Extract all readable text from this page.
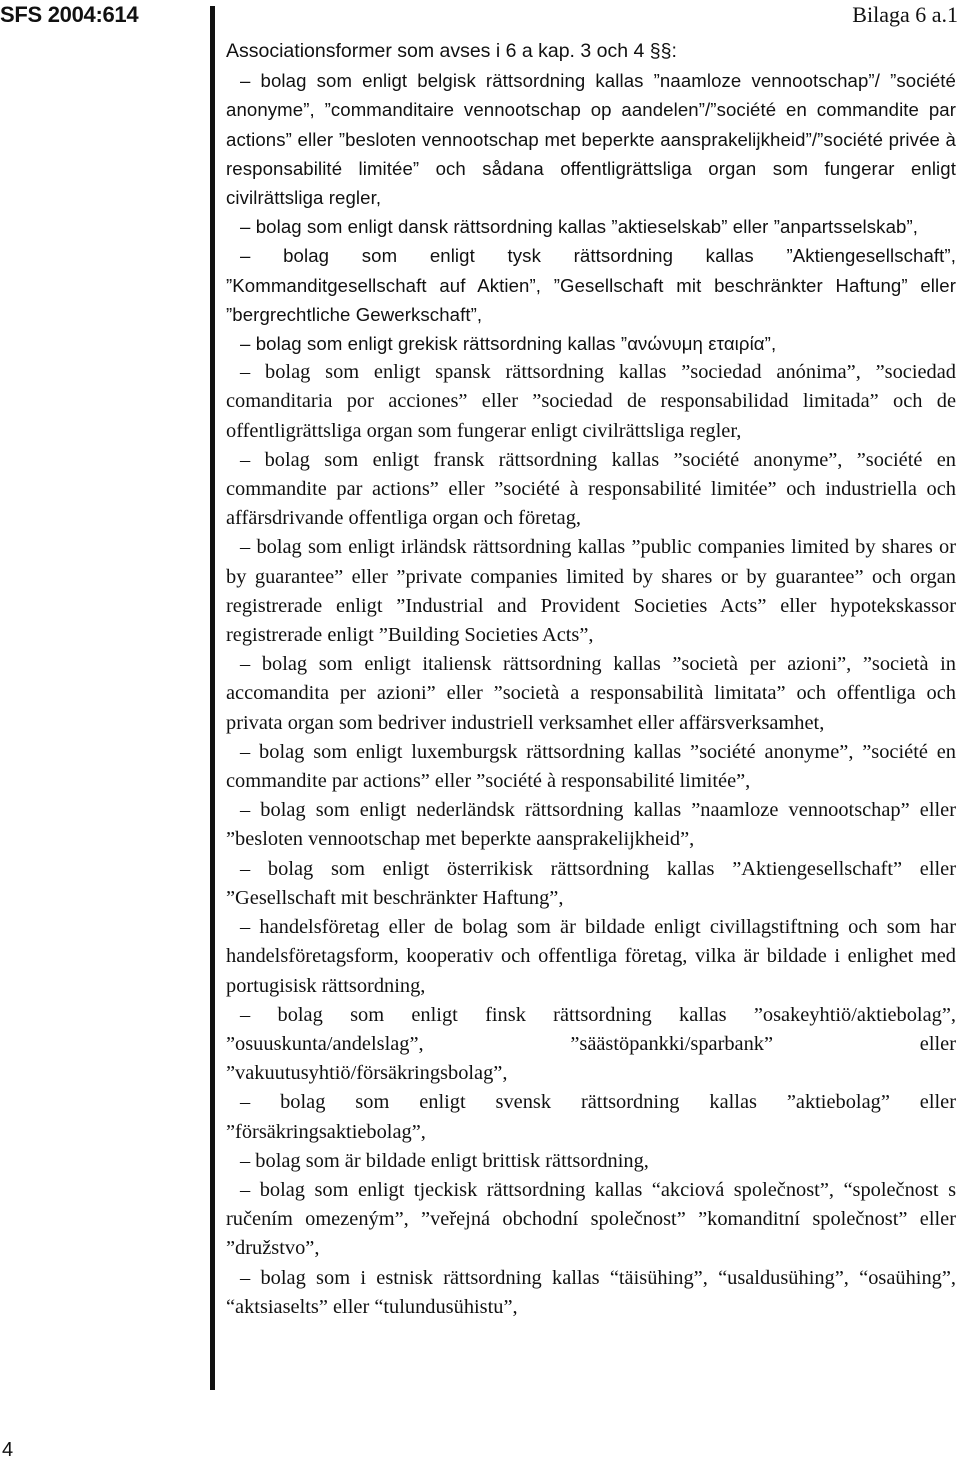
SFS 2004:614	Bilaga 6 a.1
4

Associationsformer som avses i 6 a kap. 3 och 4 §§:

– bolag som enligt belgisk rättsordning kallas ”naamloze vennootschap”/ ”société anonyme”, ”commanditaire vennootschap op aandelen”/”société en commandite par actions” eller ”besloten vennootschap met beperkte aansprakelijkheid”/”société privée à responsabilité limitée” och sådana offentligrättsliga organ som fungerar enligt civilrättsliga regler,

– bolag som enligt dansk rättsordning kallas ”aktieselskab” eller ”anpartsselskab”,

– bolag som enligt tysk rättsordning kallas ”Aktiengesellschaft”, ”Kommanditgesellschaft auf Aktien”, ”Gesellschaft mit beschränkter Haftung” eller ”bergrechtliche Gewerkschaft”,

– bolag som enligt grekisk rättsordning kallas ”ανώνυμη εταιρία”,

– bolag som enligt spansk rättsordning kallas ”sociedad anónima”, ”sociedad comanditaria por acciones” eller ”sociedad de responsabilidad limitada” och de offentligrättsliga organ som fungerar enligt civilrättsliga regler,

– bolag som enligt fransk rättsordning kallas ”société anonyme”, ”société en commandite par actions” eller ”société à responsabilité limitée” och industriella och affärsdrivande offentliga organ och företag,

– bolag som enligt irländsk rättsordning kallas ”public companies limited by shares or by guarantee” eller ”private companies limited by shares or by guarantee” och organ registrerade enligt ”Industrial and Provident Societies Acts” eller hypotekskassor registrerade enligt ”Building Societies Acts”,

– bolag som enligt italiensk rättsordning kallas ”società per azioni”, ”società in accomandita per azioni” eller ”società a responsabilità limitata” och offentliga och privata organ som bedriver industriell verksamhet eller affärsverksamhet,

– bolag som enligt luxemburgsk rättsordning kallas ”société anonyme”, ”société en commandite par actions” eller ”société à responsabilité limitée”,

– bolag som enligt nederländsk rättsordning kallas ”naamloze vennootschap” eller ”besloten vennootschap met beperkte aansprakelijkheid”,

– bolag som enligt österrikisk rättsordning kallas ”Aktiengesellschaft” eller ”Gesellschaft mit beschränkter Haftung”,

– handelsföretag eller de bolag som är bildade enligt civillagstiftning och som har handelsföretagsform, kooperativ och offentliga företag, vilka är bildade i enlighet med portugisisk rättsordning,

– bolag som enligt finsk rättsordning kallas ”osakeyhtiö/aktiebolag”, ”osuuskunta/andelslag”, ”säästöpankki/sparbank” eller ”vakuutusyhtiö/försäkringsbolag”,

– bolag som enligt svensk rättsordning kallas ”aktiebolag” eller ”försäkringsaktiebolag”,

– bolag som är bildade enligt brittisk rättsordning,

– bolag som enligt tjeckisk rättsordning kallas “akciová společnost”, “společnost s ručením omezeným”, ”veřejná obchodní společnost” ”komanditní společnost” eller ”družstvo”,

– bolag som i estnisk rättsordning kallas “täisühing”, “usaldusühing”, “osaühing”, “aktsiaselts” eller “tulundusühistu”,
